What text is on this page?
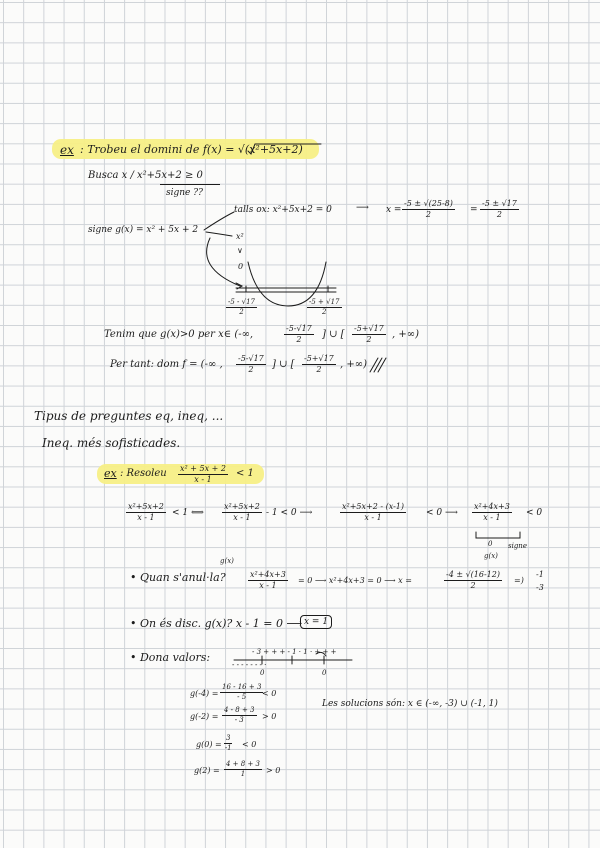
ex : Trobeu el domini de f(x) = √(x²+5x+2)
Busca x / x²+5x+2 ≥ 0
signe ??
talls ox: x²+5x+2 = 0	⟶ $x = \frac{-5 \pm √(25-8)}{2} = \frac{-5 \pm √17}{2}$
signe g(x) = x² + 5x + 2
x²
∨
0
$\frac{-5 - √17}{2}$	$\frac{-5 + √17}{2}$
Tenim que g(x)>0 per x∈ (-∞,	$\frac{-5-√17}{2}$ ] ∪ [ $\frac{-5+√17}{2}$ , +∞)
Per tant: dom f = (-∞ , $\frac{-5-√17}{2}$ ] ∪ [ $\frac{-5+√17}{2}$ , +∞)
Tipus de preguntes eq, ineq, ...
Ineq. més sofisticades.
ex : Resoleu $\frac{\text{x² + 5x + 2}}{x - 1} < 1$
$\frac{\text{x²+5x+2}}{x - 1} < 1$ ⟺ $\frac{\text{x²+5x+2}}{x - 1} - 1 < 0$ ⟶	$\frac{\text{x²+5x+2 - (x-1)}}{x - 1} < 0$ ⟶ $\frac{\text{x²+4x+3}}{x - 1} < 0$
0 signe
g(x)
g(x)
• Quan s'anul·la?	$\frac{\text{x²+4x+3}}{x - 1} = 0$ ⟶ x²+4x+3 = 0 ⟶ x =	$\frac{-4 \pm √(16-12)}{2}$ =)
-1
-3
• On és disc. g(x)? x - 1 = 0 ⟶ x = 1
• Dona valors:	- 3 + + + - 1 · 1 · + + +
- - - - - - - ·
0	0
$g(-4) = \frac{16 - 16 + 3}{- 5}$
< 0
$g(-2) = \frac{4 - 8 + 3}{- 3} > 0$
$g(0) = \frac{3}{-1} < 0$
$g(2) = \frac{4 + 8 + 3}{1} > 0$
Les solucions són: x ∈ (-∞, -3) ∪ (-1, 1)
